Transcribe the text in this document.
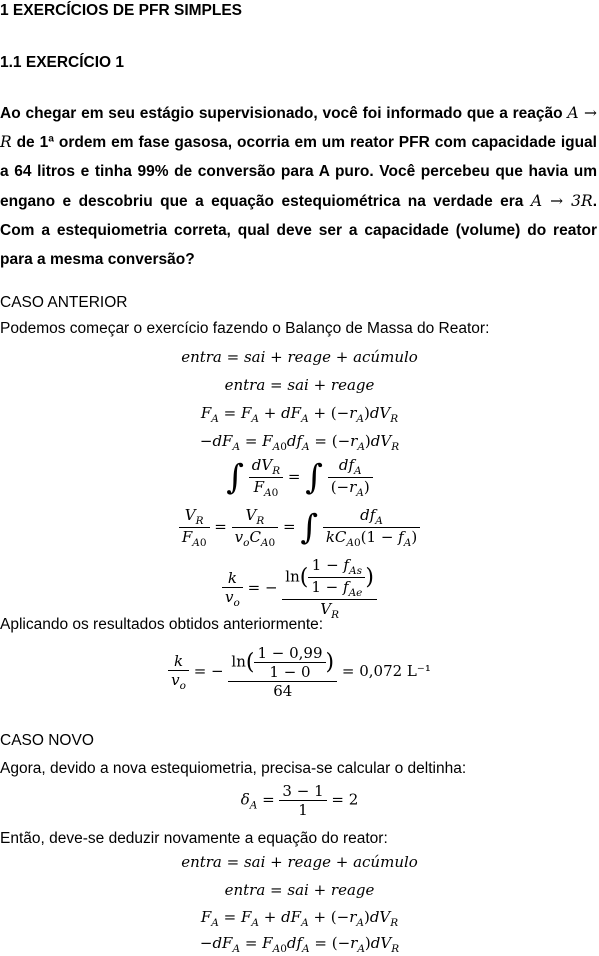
1 EXERCÍCIOS DE PFR SIMPLES
1.1 EXERCÍCIO 1
Ao chegar em seu estágio supervisionado, você foi informado que a reação A → R de 1ª ordem em fase gasosa, ocorria em um reator PFR com capacidade igual a 64 litros e tinha 99% de conversão para A puro. Você percebeu que havia um engano e descobriu que a equação estequiométrica na verdade era A → 3R. Com a estequiometria correta, qual deve ser a capacidade (volume) do reator para a mesma conversão?
CASO ANTERIOR
Podemos começar o exercício fazendo o Balanço de Massa do Reator:
entra = sai + reage + acúmulo
entra = sai + reage
$F_A = F_A + dF_A + (-r_A)dV_R$
$-dF_A = F_{A0}df_A = (-r_A)dV_R$
∫ $\frac{dV_R}{F_{A0}}$ = ∫ $\frac{df_A}{(-r_A)}$
$\frac{V_R}{F_{A0}} = \frac{V_R}{v_oC_{A0}}$ = ∫ $\frac{df_A}{kC_{A0}(1 - f_A)}$
$\frac{k}{v_o}$ = − $\frac{\ln( \frac{1 - f_{As}}{1 - f_{Ae}} )}{V_R}$
Aplicando os resultados obtidos anteriormente:
$\frac{k}{v_o}$ = − $\frac{\ln( \frac{1 - 0,99}{1 - 0} )}{64} = 0,072$ L⁻¹
CASO NOVO
Agora, devido a nova estequiometria, precisa-se calcular o deltinha:
$\delta_A = \frac{3 - 1}{1} = 2$
Então, deve-se deduzir novamente a equação do reator:
entra = sai + reage + acúmulo
entra = sai + reage
$F_A = F_A + dF_A + (-r_A)dV_R$
$-dF_A = F_{A0}df_A = (-r_A)dV_R$
